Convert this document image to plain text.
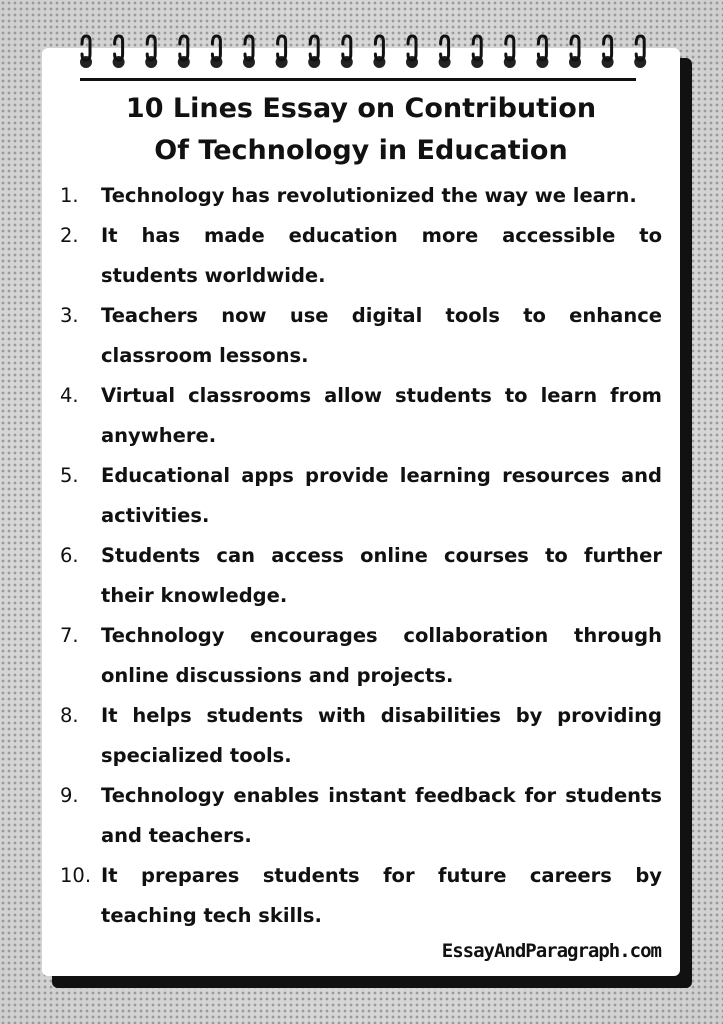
10 Lines Essay on Contribution
Of Technology in Education
1.	Technology has revolutionized the way we learn.
2.	It has made education more accessible to students worldwide.
3.	Teachers now use digital tools to enhance classroom lessons.
4.	Virtual classrooms allow students to learn from anywhere.
5.	Educational apps provide learning resources and activities.
6.	Students can access online courses to further their knowledge.
7.	Technology encourages collaboration through online discussions and projects.
8.	It helps students with disabilities by providing specialized tools.
9.	Technology enables instant feedback for students and teachers.
10. It prepares students for future careers by teaching tech skills.
EssayAndParagraph.com
